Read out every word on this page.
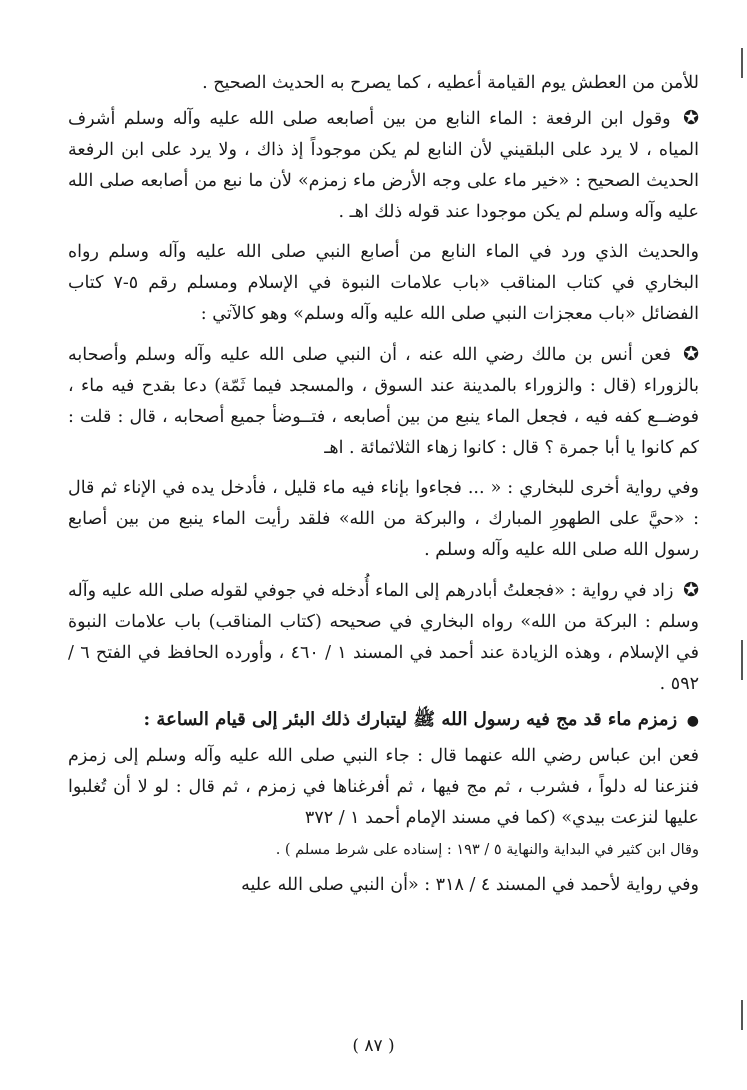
للأمن من العطش يوم القيامة أعطيه ، كما يصرح به الحديث الصحيح .

✪ وقول ابن الرفعة : الماء النابع من بين أصابعه صلى الله عليه وآله وسلم أشرف المياه ، لا يرد على البلقيني لأن النابع لم يكن موجوداً إذ ذاك ، ولا يرد على ابن الرفعة الحديث الصحيح : «خير ماء على وجه الأرض ماء زمزم» لأن ما نبع من أصابعه صلى الله عليه وآله وسلم لم يكن موجودا عند قوله ذلك اهـ .

والحديث الذي ورد في الماء النابع من أصابع النبي صلى الله عليه وآله وسلم رواه البخاري في كتاب المناقب «باب علامات النبوة في الإسلام ومسلم رقم ٥-٧ كتاب الفضائل «باب معجزات النبي صلى الله عليه وآله وسلم» وهو كالآتي :

✪ فعن أنس بن مالك رضي الله عنه ، أن النبي صلى الله عليه وآله وسلم وأصحابه بالزوراء (قال : والزوراء بالمدينة عند السوق ، والمسجد فيما ثَمّة) دعا بقدح فيه ماء ، فوضــع كفه فيه ، فجعل الماء ينبع من بين أصابعه ، فتــوضأ جميع أصحابه ، قال : قلت : كم كانوا يا أبا جمرة ؟ قال : كانوا زهاء الثلاثمائة . اهـ

وفي رواية أخرى للبخاري : « ... فجاءوا بإناء فيه ماء قليل ، فأدخل يده في الإناء ثم قال : «حيَّ على الطهورِ المبارك ، والبركة من الله» فلقد رأيت الماء ينبع من بين أصابع رسول الله صلى الله عليه وآله وسلم .

✪ زاد في رواية : «فجعلتُ أبادرهم إلى الماء أُدخله في جوفي لقوله صلى الله عليه وآله وسلم : البركة من الله» رواه البخاري في صحيحه (كتاب المناقب) باب علامات النبوة في الإسلام ، وهذه الزيادة عند أحمد في المسند ١ / ٤٦٠ ، وأورده الحافظ في الفتح ٦ / ٥٩٢ .

● زمزم ماء قد مج فيه رسول الله ﷺ ليتبارك ذلك البئر إلى قيام الساعة :

فعن ابن عباس رضي الله عنهما قال : جاء النبي صلى الله عليه وآله وسلم إلى زمزم فنزعنا له دلواً ، فشرب ، ثم مج فيها ، ثم أفرغناها في زمزم ، ثم قال : لو لا أن تُغلبوا عليها لنزعت بيدي» (كما في مسند الإمام أحمد ١ / ٣٧٢
وقال ابن كثير في البداية والنهاية ٥ / ١٩٣ : إسناده على شرط مسلم ) .

وفي رواية لأحمد في المسند ٤ / ٣١٨ : «أن النبي صلى الله عليه

( ٨٧ )
